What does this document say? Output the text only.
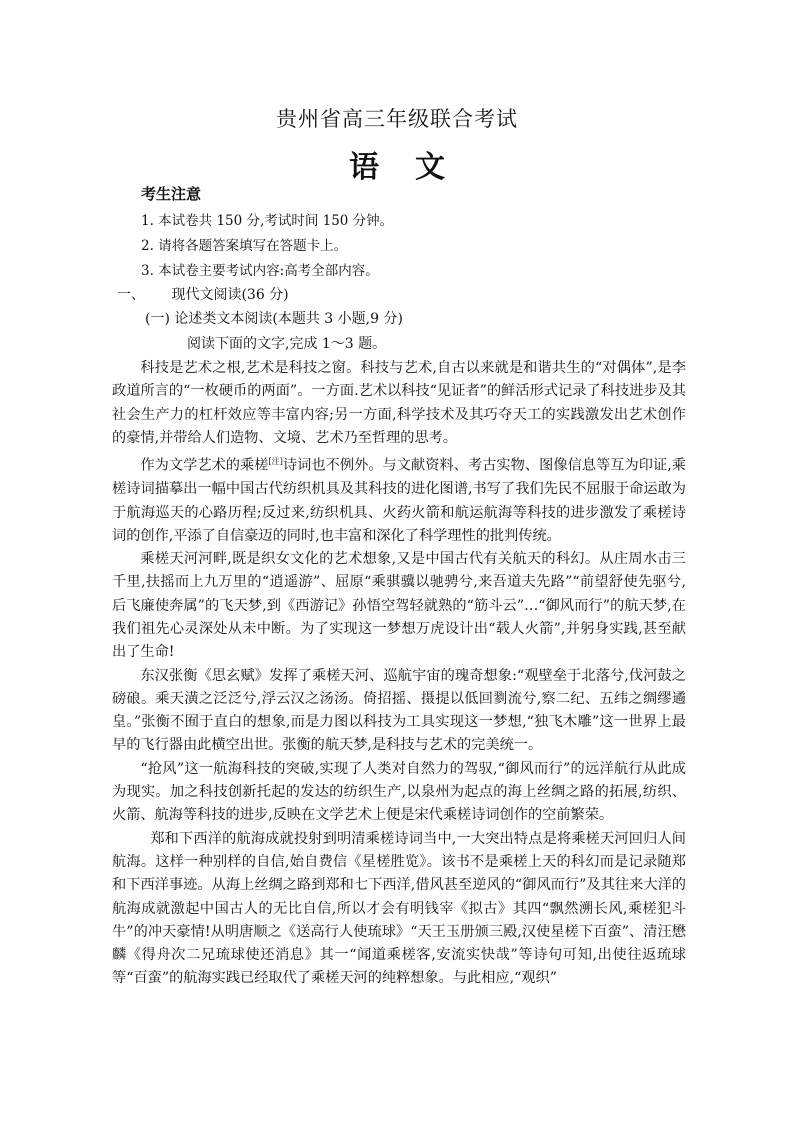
贵州省高三年级联合考试
语文
考生注意
1. 本试卷共 150 分,考试时间 150 分钟。
2. 请将各题答案填写在答题卡上。
3. 本试卷主要考试内容:高考全部内容。
一、 现代文阅读(36 分)
(一) 论述类文本阅读(本题共 3 小题,9 分)
阅读下面的文字,完成 1～3 题。

科技是艺术之根,艺术是科技之窗。科技与艺术,自古以来就是和谐共生的“对偶体”,是李政道所言的“一枚硬币的两面”。一方面.艺术以科技“见证者”的鲜活形式记录了科技进步及其社会生产力的杠杆效应等丰富内容;另一方面,科学技术及其巧夺天工的实践激发出艺术创作的豪情,并带给人们造物、文境、艺术乃至哲理的思考。

作为文学艺术的乘槎[注]诗词也不例外。与文献资料、考古实物、图像信息等互为印证,乘槎诗词描摹出一幅中国古代纺织机具及其科技的进化图谱,书写了我们先民不屈服于命运敢为于航海巡天的心路历程;反过来,纺织机具、火药火箭和航运航海等科技的进步激发了乘槎诗词的创作,平添了自信豪迈的同时,也丰富和深化了科学理性的批判传统。

乘槎天河河畔,既是织女文化的艺术想象,又是中国古代有关航天的科幻。从庄周水击三千里,扶摇而上九万里的“逍遥游”、屈原“乘骐骥以驰骋兮,来吾道夫先路”“前望舒使先驱兮,后飞廉使奔属”的飞天梦,到《西游记》孙悟空驾轻就熟的“筋斗云”…“御风而行”的航天梦,在我们祖先心灵深处从未中断。为了实现这一梦想万虎设计出“载人火箭”,并躬身实践,甚至献出了生命!

东汉张衡《思玄赋》发挥了乘槎天河、巡航宇宙的瑰奇想象:“观壁垒于北落兮,伐河鼓之磅硠。乘天潢之泛泛兮,浮云汉之汤汤。倚招摇、摄提以低回剹流兮,察二纪、五纬之绸缪遹皇。”张衡不囿于直白的想象,而是力图以科技为工具实现这一梦想,“独飞木雕”这一世界上最早的飞行器由此横空出世。张衡的航天梦,是科技与艺术的完美统一。

“抢风”这一航海科技的突破,实现了人类对自然力的驾驭,“御风而行”的远洋航行从此成为现实。加之科技创新托起的发达的纺织生产,以泉州为起点的海上丝绸之路的拓展,纺织、火箭、航海等科技的进步,反映在文学艺术上便是宋代乘槎诗词创作的空前繁荣。

郑和下西洋的航海成就投射到明清乘槎诗词当中,一大突出特点是将乘槎天河回归人间航海。这样一种别样的自信,始自费信《星槎胜览》。该书不是乘槎上天的科幻而是记录随郑和下西洋事迹。从海上丝绸之路到郑和七下西洋,借风甚至逆风的“御风而行”及其往来大洋的航海成就激起中国古人的无比自信,所以才会有明钱宰《拟古》其四“飘然溯长风,乘槎犯斗牛”的冲天豪情!从明唐顺之《送高行人使琉球》“天王玉册颁三殿,汉使星槎下百蛮”、清汪懋麟《得舟次二兄琉球使还消息》其一“闻道乘槎客,安流实快哉”等诗句可知,出使往返琉球等“百蛮”的航海实践已经取代了乘槎天河的纯粹想象。与此相应,“观织”
